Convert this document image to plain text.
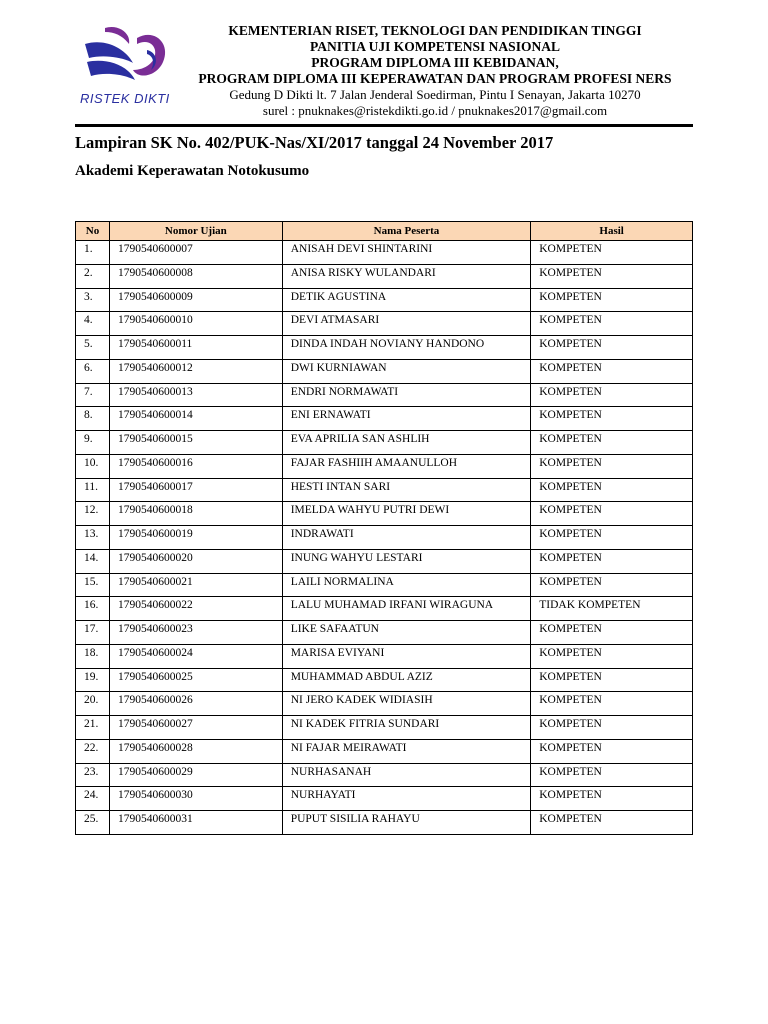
RISTEK DIKTI
KEMENTERIAN RISET, TEKNOLOGI DAN PENDIDIKAN TINGGI
PANITIA UJI KOMPETENSI NASIONAL
PROGRAM DIPLOMA III KEBIDANAN,
PROGRAM DIPLOMA III KEPERAWATAN DAN PROGRAM PROFESI NERS
Gedung D Dikti lt. 7 Jalan Jenderal Soedirman, Pintu I Senayan, Jakarta 10270
surel : pnuknakes@ristekdikti.go.id / pnuknakes2017@gmail.com
Lampiran SK No. 402/PUK-Nas/XI/2017 tanggal 24 November 2017
Akademi Keperawatan Notokusumo
No	Nomor Ujian	Nama Peserta	Hasil
1.	1790540600007	ANISAH DEVI SHINTARINI	KOMPETEN
2.	1790540600008	ANISA RISKY WULANDARI	KOMPETEN
3.	1790540600009	DETIK AGUSTINA	KOMPETEN
4.	1790540600010	DEVI ATMASARI	KOMPETEN
5.	1790540600011	DINDA INDAH NOVIANY HANDONO	KOMPETEN
6.	1790540600012	DWI KURNIAWAN	KOMPETEN
7.	1790540600013	ENDRI NORMAWATI	KOMPETEN
8.	1790540600014	ENI ERNAWATI	KOMPETEN
9.	1790540600015	EVA APRILIA SAN ASHLIH	KOMPETEN
10.	1790540600016	FAJAR FASHIIH AMAANULLOH	KOMPETEN
11.	1790540600017	HESTI INTAN SARI	KOMPETEN
12.	1790540600018	IMELDA WAHYU PUTRI DEWI	KOMPETEN
13.	1790540600019	INDRAWATI	KOMPETEN
14.	1790540600020	INUNG WAHYU LESTARI	KOMPETEN
15.	1790540600021	LAILI NORMALINA	KOMPETEN
16.	1790540600022	LALU MUHAMAD IRFANI WIRAGUNA	TIDAK KOMPETEN
17.	1790540600023	LIKE SAFAATUN	KOMPETEN
18.	1790540600024	MARISA EVIYANI	KOMPETEN
19.	1790540600025	MUHAMMAD ABDUL AZIZ	KOMPETEN
20.	1790540600026	NI JERO KADEK WIDIASIH	KOMPETEN
21.	1790540600027	NI KADEK FITRIA SUNDARI	KOMPETEN
22.	1790540600028	NI FAJAR MEIRAWATI	KOMPETEN
23.	1790540600029	NURHASANAH	KOMPETEN
24.	1790540600030	NURHAYATI	KOMPETEN
25.	1790540600031	PUPUT SISILIA RAHAYU	KOMPETEN
